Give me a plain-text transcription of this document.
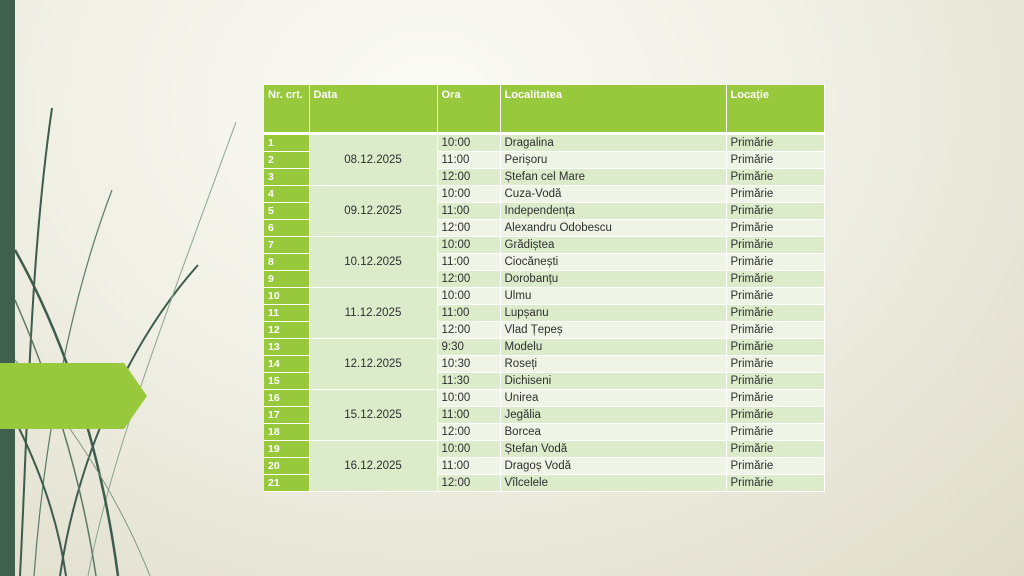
Nr. crt.	Data	Ora	Localitatea	Locație
1	08.12.2025	10:00	Dragalina	Primărie
2		11:00	Perișoru	Primărie
3		12:00	Ștefan cel Mare	Primărie
4	09.12.2025	10:00	Cuza-Vodă	Primărie
5		11:00	Independența	Primărie
6		12:00	Alexandru Odobescu	Primărie
7	10.12.2025	10:00	Grădiștea	Primărie
8		11:00	Ciocănești	Primărie
9		12:00	Dorobanțu	Primărie
10	11.12.2025	10:00	Ulmu	Primărie
11		11:00	Lupșanu	Primărie
12		12:00	Vlad Țepeș	Primărie
13	12.12.2025	9:30	Modelu	Primărie
14		10:30	Roseți	Primărie
15		11:30	Dichiseni	Primărie
16	15.12.2025	10:00	Unirea	Primărie
17		11:00	Jegălia	Primărie
18		12:00	Borcea	Primărie
19	16.12.2025	10:00	Ștefan Vodă	Primărie
20		11:00	Dragoș Vodă	Primărie
21		12:00	Vîlcelele	Primărie
